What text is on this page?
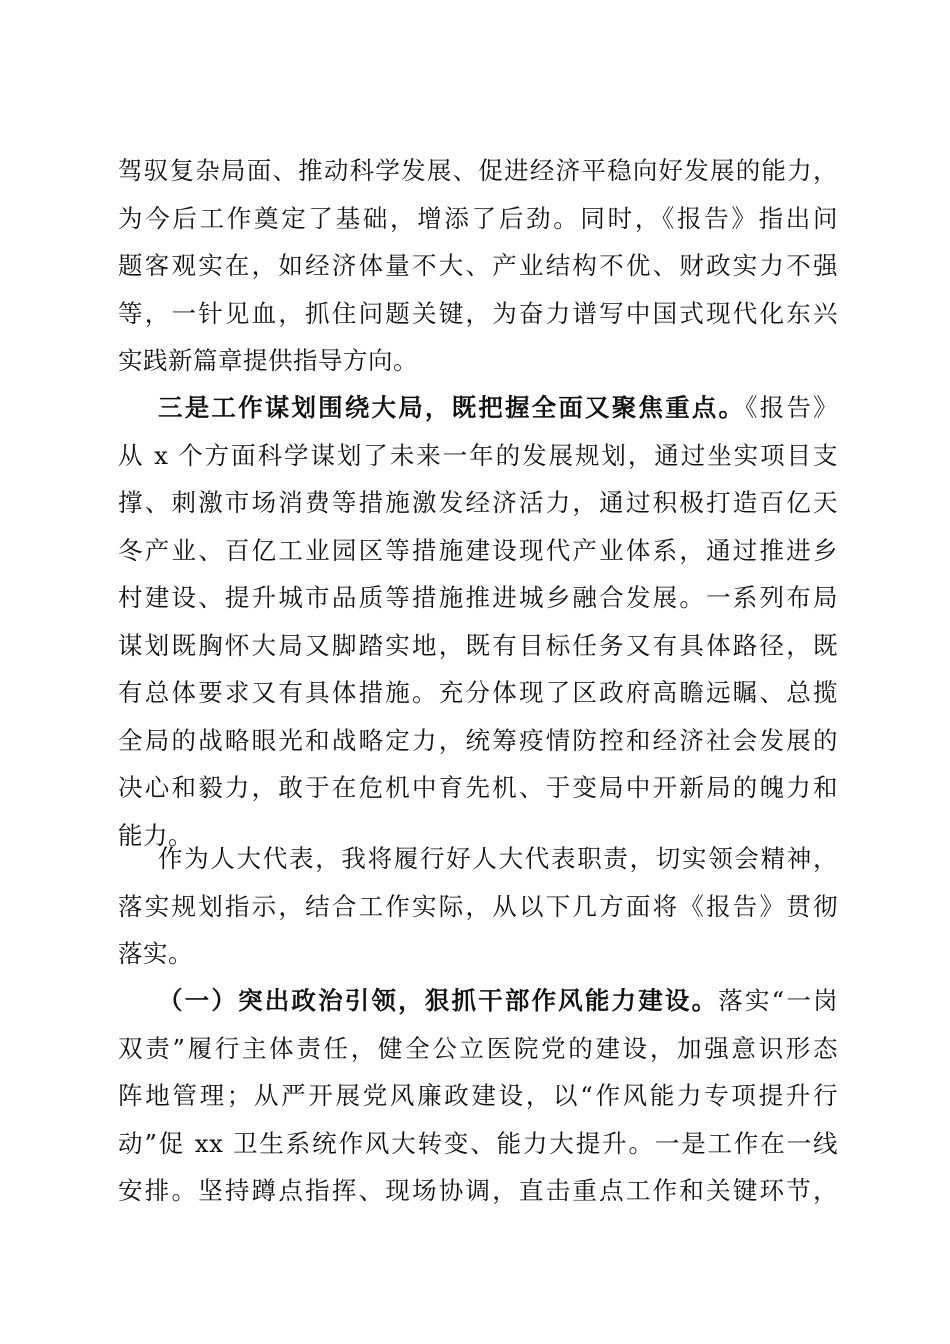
驾驭复杂局面、推动科学发展、促进经济平稳向好发展的能力，
为今后工作奠定了基础，增添了后劲。同时，《报告》指出问
题客观实在，如经济体量不大、产业结构不优、财政实力不强
等，一针见血，抓住问题关键，为奋力谱写中国式现代化东兴
实践新篇章提供指导方向。
三是工作谋划围绕大局，既把握全面又聚焦重点。《报告》
从 x 个方面科学谋划了未来一年的发展规划，通过坐实项目支
撑、刺激市场消费等措施激发经济活力，通过积极打造百亿天
冬产业、百亿工业园区等措施建设现代产业体系，通过推进乡
村建设、提升城市品质等措施推进城乡融合发展。一系列布局
谋划既胸怀大局又脚踏实地，既有目标任务又有具体路径，既
有总体要求又有具体措施。充分体现了区政府高瞻远瞩、总揽
全局的战略眼光和战略定力，统筹疫情防控和经济社会发展的
决心和毅力，敢于在危机中育先机、于变局中开新局的魄力和
能力。
作为人大代表，我将履行好人大代表职责，切实领会精神，
落实规划指示，结合工作实际，从以下几方面将《报告》贯彻
落实。
（一）突出政治引领，狠抓干部作风能力建设。落实“一岗
双责”履行主体责任，健全公立医院党的建设，加强意识形态
阵地管理；从严开展党风廉政建设，以“作风能力专项提升行
动”促 xx 卫生系统作风大转变、能力大提升。一是工作在一线
安排。坚持蹲点指挥、现场协调，直击重点工作和关键环节，
